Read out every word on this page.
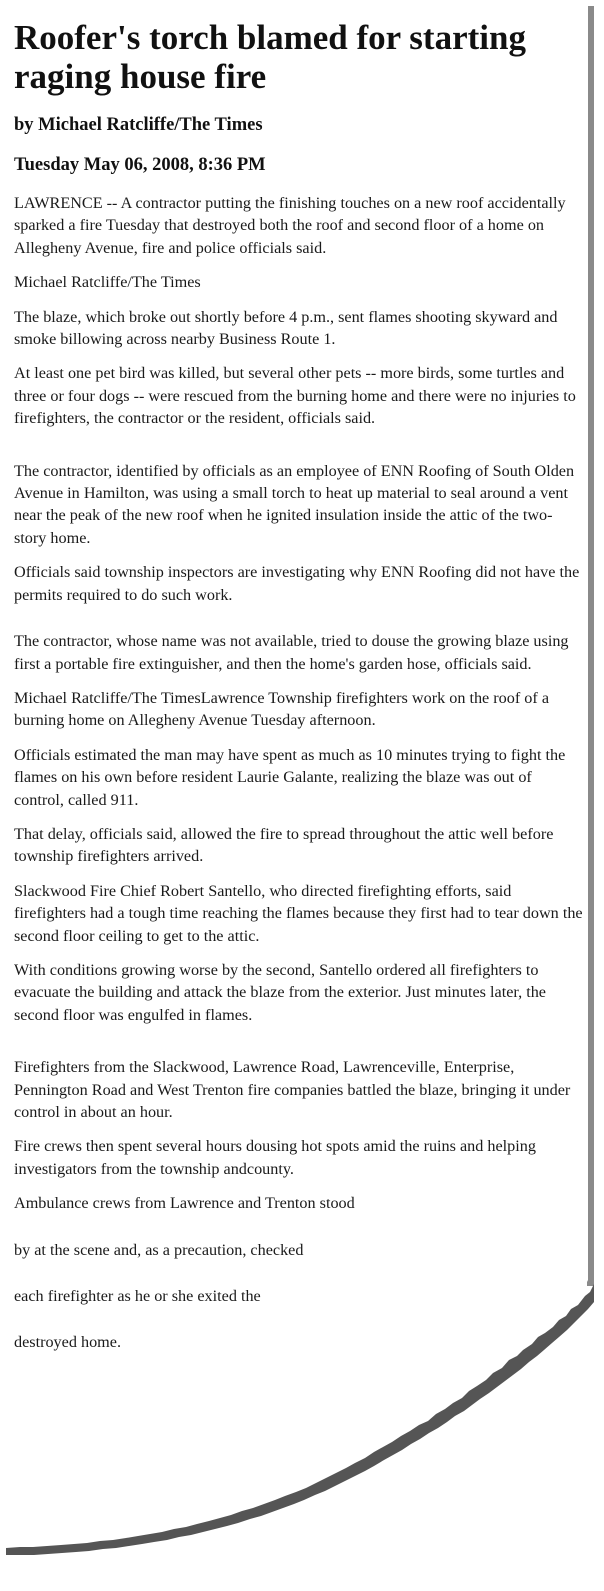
Roofer's torch blamed for starting raging house fire
by Michael Ratcliffe/The Times
Tuesday May 06, 2008, 8:36 PM

LAWRENCE -- A contractor putting the finishing touches on a new roof accidentally sparked a fire Tuesday that destroyed both the roof and second floor of a home on Allegheny Avenue, fire and police officials said.

Michael Ratcliffe/The Times

The blaze, which broke out shortly before 4 p.m., sent flames shooting skyward and smoke billowing across nearby Business Route 1.

At least one pet bird was killed, but several other pets -- more birds, some turtles and three or four dogs -- were rescued from the burning home and there were no injuries to firefighters, the contractor or the resident, officials said.

The contractor, identified by officials as an employee of ENN Roofing of South Olden Avenue in Hamilton, was using a small torch to heat up material to seal around a vent near the peak of the new roof when he ignited insulation inside the attic of the two-story home.

Officials said township inspectors are investigating why ENN Roofing did not have the permits required to do such work.

The contractor, whose name was not available, tried to douse the growing blaze using first a portable fire extinguisher, and then the home's garden hose, officials said.

Michael Ratcliffe/The TimesLawrence Township firefighters work on the roof of a burning home on Allegheny Avenue Tuesday afternoon.

Officials estimated the man may have spent as much as 10 minutes trying to fight the flames on his own before resident Laurie Galante, realizing the blaze was out of control, called 911.

That delay, officials said, allowed the fire to spread throughout the attic well before township firefighters arrived.

Slackwood Fire Chief Robert Santello, who directed firefighting efforts, said firefighters had a tough time reaching the flames because they first had to tear down the second floor ceiling to get to the attic.

With conditions growing worse by the second, Santello ordered all firefighters to evacuate the building and attack the blaze from the exterior. Just minutes later, the second floor was engulfed in flames.

Firefighters from the Slackwood, Lawrence Road, Lawrenceville, Enterprise, Pennington Road and West Trenton fire companies battled the blaze, bringing it under control in about an hour.

Fire crews then spent several hours dousing hot spots amid the ruins and helping investigators from the township andcounty.

Ambulance crews from Lawrence and Trenton stood

by at the scene and, as a precaution, checked

each firefighter as he or she exited the

destroyed home.
